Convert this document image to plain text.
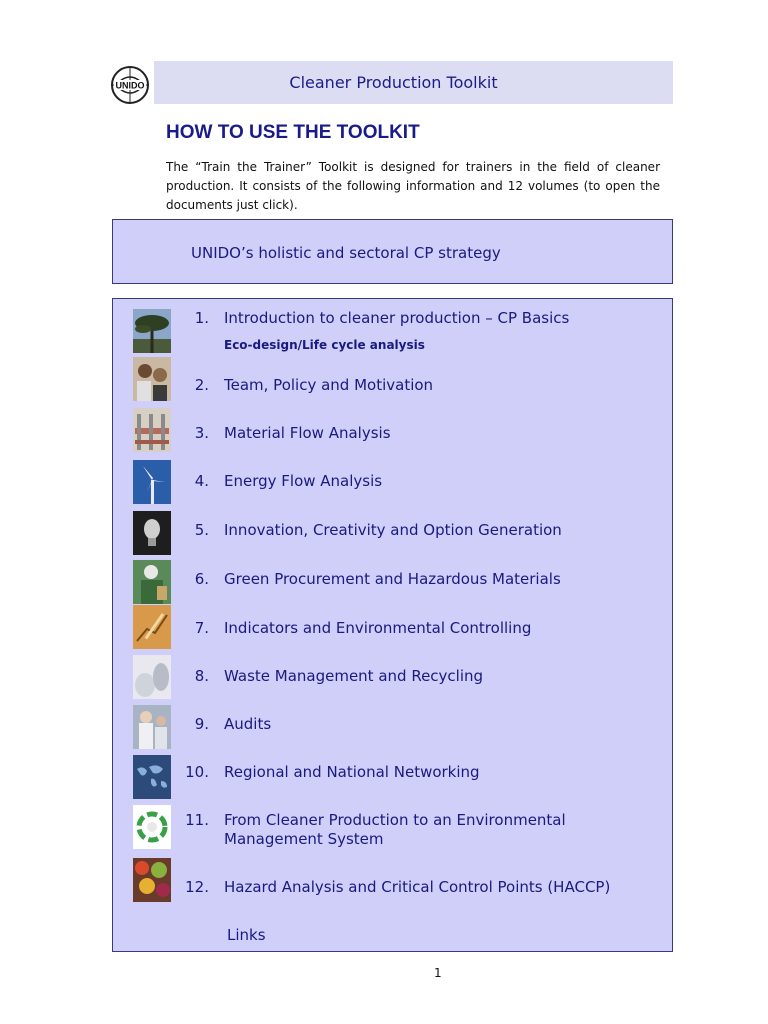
UNIDO	Cleaner Production Toolkit
HOW TO USE THE TOOLKIT

The “Train the Trainer” Toolkit is designed for trainers in the field of cleaner production. It consists of the following information and 12 volumes (to open the documents just click).

UNIDO’s holistic and sectoral CP strategy
1. Introduction to cleaner production – CP Basics
Eco-design/Life cycle analysis
2. Team, Policy and Motivation
3. Material Flow Analysis
4. Energy Flow Analysis
5. Innovation, Creativity and Option Generation
6. Green Procurement and Hazardous Materials
7. Indicators and Environmental Controlling
8. Waste Management and Recycling
9. Audits
10. Regional and National Networking
11. From Cleaner Production to an Environmental Management System
12. Hazard Analysis and Critical Control Points (HACCP)
Links
1
